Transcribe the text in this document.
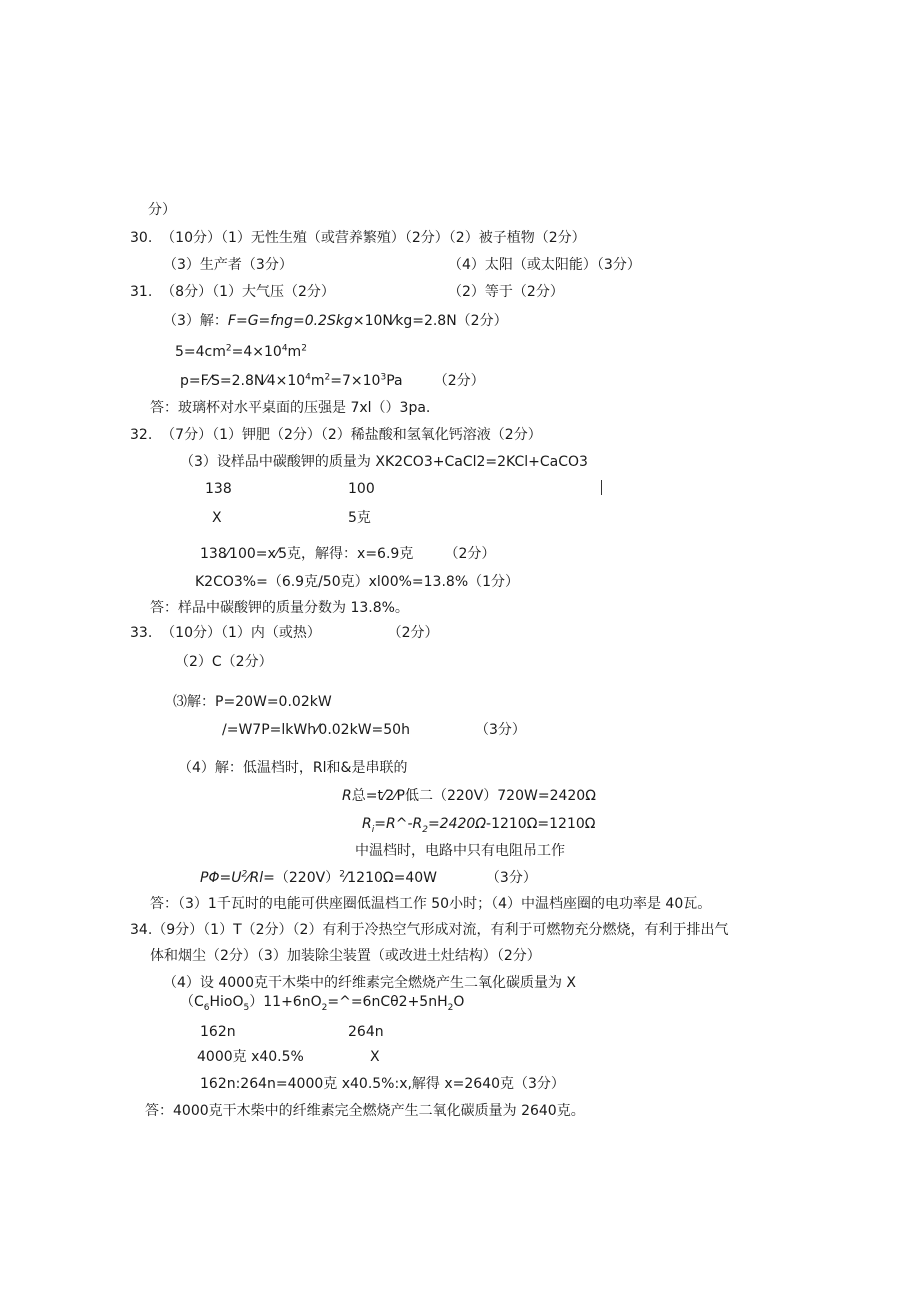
分）
30.  （10分）（1）无性生殖（或营养繁殖）（2分）（2）被子植物（2分）
（3）生产者（3分）	（4）太阳（或太阳能）（3分）
31.  （8分）（1）大气压（2分）	（2）等于（2分）
（3）解：F=G=fng=0.2Skg×10N⁄kg=2.8N（2分）
$5=4cm^2=4\times 10^4m^2$
$p=F⁄S=2.8N⁄4\times 10^4m^2=7\times 10^3Pa$       （2分）
答：玻璃杯对水平桌面的压强是 7xl（）3pa.
32.  （7分）（1）钾肥（2分）（2）稀盐酸和氢氧化钙溶液（2分）
（3）设样品中碳酸钾的质量为 XK2CO3+CaCl2=2KCl+CaCO3
138	100
X	5克
138⁄100=x⁄5克，解得：x=6.9克       （2分）
K2CO3%=（6.9克/50克）xl00%=13.8%（1分）
答：样品中碳酸钾的质量分数为 13.8%。
33.  （10分）（1）内（或热）               （2分）
（2）C（2分）
⑶解：P=20W=0.02kW
/=W7P=lkWh⁄0.02kW=50h	（3分）
（4）解：低温档时，Rl和&是串联的
R总=t⁄2⁄P低二（220V）720W=2420Ω
$R_i=R\^{}-R_2=2420\Omega-1210\Omega=1210\Omega$
中温档时，电路中只有电阻吊工作
$P\Phi=U^2⁄Rl=(220V)^2⁄1210\Omega=40W$           （3分）
答：（3）1千瓦时的电能可供座圈低温档工作 50小时；（4）中温档座圈的电功率是 40瓦。
34.（9分）（1）T（2分）（2）有利于冷热空气形成对流，有利于可燃物充分燃烧，有利于排出气
体和烟尘（2分）（3）加装除尘装置（或改进土灶结构）（2分）
（4）设 4000克干木柴中的纤维素完全燃烧产生二氧化碳质量为 X
$(C_6HioO_5)11+6nO_2=\^{}=6nC\theta 2+5nH_2O$
162n	264n
4000克 x40.5%	X
162n:264n=4000克 x40.5%:x,解得 x=2640克（3分）
答：4000克干木柴中的纤维素完全燃烧产生二氧化碳质量为 2640克。
